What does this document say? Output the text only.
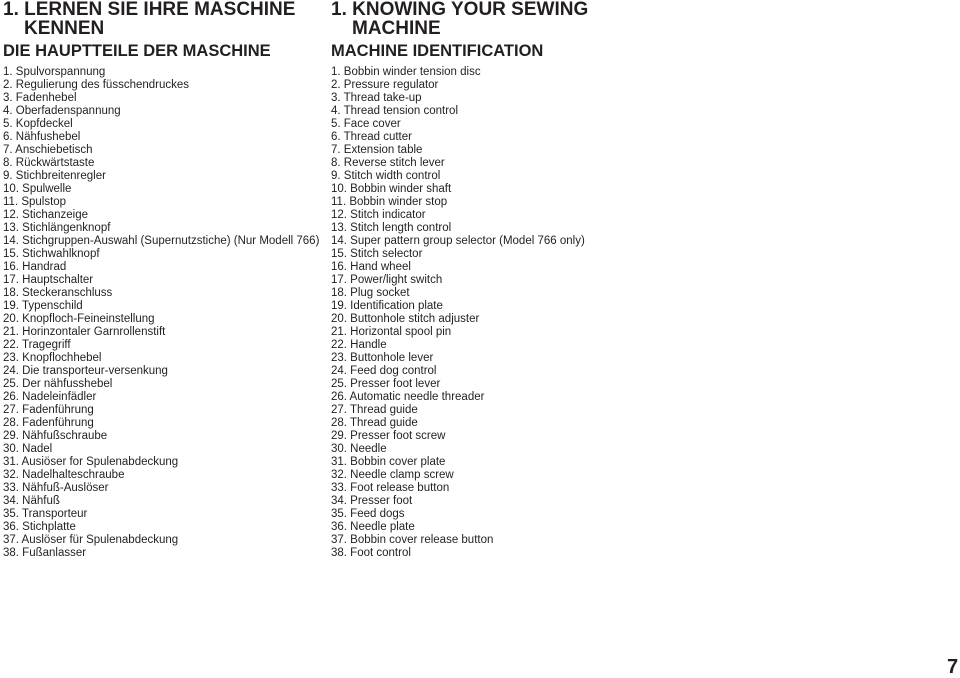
1. LERNEN SIE IHRE MASCHINE
KENNEN
DIE HAUPTTEILE DER MASCHINE
1. Spulvorspannung
2. Regulierung des füsschendruckes
3. Fadenhebel
4. Oberfadenspannung
5. Kopfdeckel
6. Nähfushebel
7. Anschiebetisch
8. Rückwärtstaste
9. Stichbreitenregler
10. Spulwelle
11. Spulstop
12. Stichanzeige
13. Stichlängenknopf
14. Stichgruppen-Auswahl (Supernutzstiche) (Nur Modell 766)
15. Stichwahlknopf
16. Handrad
17. Hauptschalter
18. Steckeranschluss
19. Typenschild
20. Knopfloch-Feineinstellung
21. Horinzontaler Garnrollenstift
22. Tragegriff
23. Knopflochhebel
24. Die transporteur-versenkung
25. Der nähfusshebel
26. Nadeleinfädler
27. Fadenführung
28. Fadenführung
29. Nähfußschraube
30. Nadel
31. Ausiöser for Spulenabdeckung
32. Nadelhalteschraube
33. Nähfuß-Auslöser
34. Nähfuß
35. Transporteur
36. Stichplatte
37. Auslöser für Spulenabdeckung
38. Fußanlasser
1. KNOWING YOUR SEWING
MACHINE
MACHINE IDENTIFICATION
1. Bobbin winder tension disc
2. Pressure regulator
3. Thread take-up
4. Thread tension control
5. Face cover
6. Thread cutter
7. Extension table
8. Reverse stitch lever
9. Stitch width control
10. Bobbin winder shaft
11. Bobbin winder stop
12. Stitch indicator
13. Stitch length control
14. Super pattern group selector (Model 766 only)
15. Stitch selector
16. Hand wheel
17. Power/light switch
18. Plug socket
19. Identification plate
20. Buttonhole stitch adjuster
21. Horizontal spool pin
22. Handle
23. Buttonhole lever
24. Feed dog control
25. Presser foot lever
26. Automatic needle threader
27. Thread guide
28. Thread guide
29. Presser foot screw
30. Needle
31. Bobbin cover plate
32. Needle clamp screw
33. Foot release button
34. Presser foot
35. Feed dogs
36. Needle plate
37. Bobbin cover release button
38. Foot control
7
